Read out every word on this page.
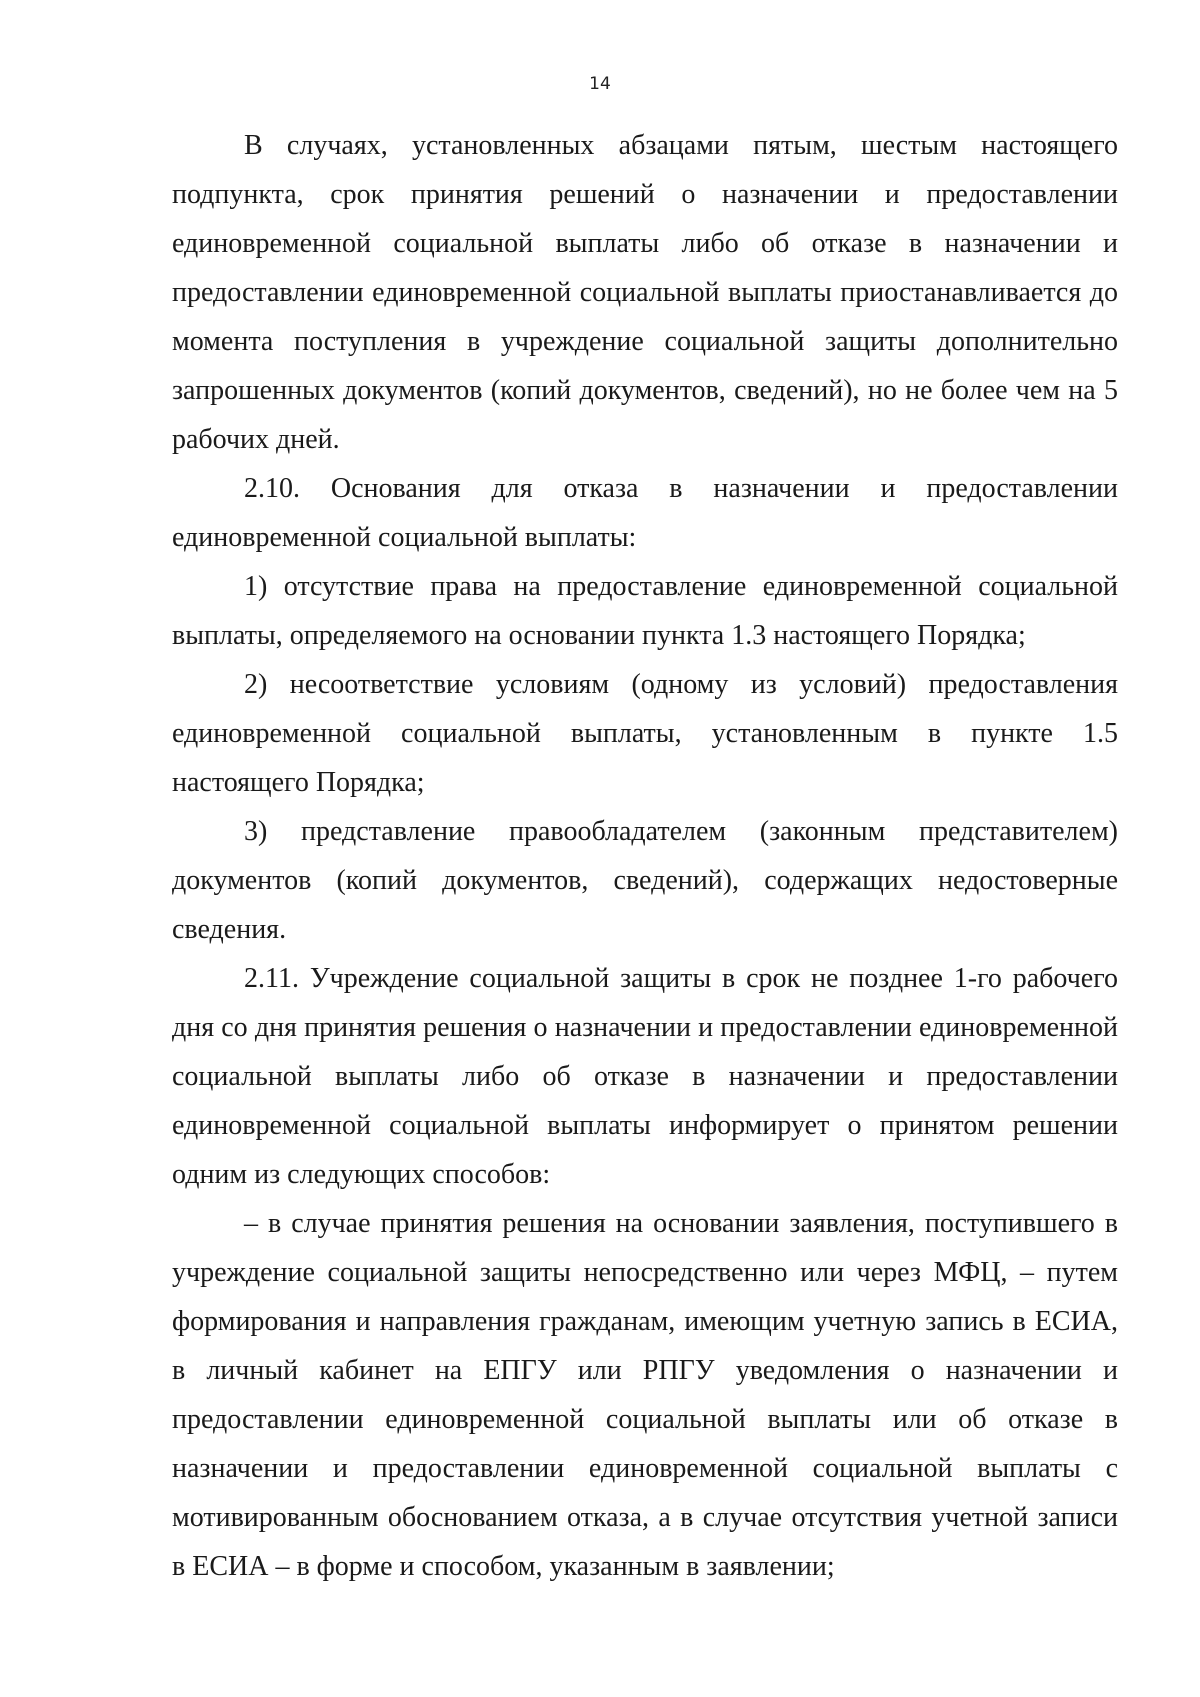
14

В случаях, установленных абзацами пятым, шестым настоящего подпункта, срок принятия решений о назначении и предоставлении единовременной социальной выплаты либо об отказе в назначении и предоставлении единовременной социальной выплаты приостанавливается до момента поступления в учреждение социальной защиты дополнительно запрошенных документов (копий документов, сведений), но не более чем на 5 рабочих дней.

2.10. Основания для отказа в назначении и предоставлении единовременной социальной выплаты:

1) отсутствие права на предоставление единовременной социальной выплаты, определяемого на основании пункта 1.3 настоящего Порядка;

2) несоответствие условиям (одному из условий) предоставления единовременной социальной выплаты, установленным в пункте 1.5 настоящего Порядка;

3) представление правообладателем (законным представителем) документов (копий документов, сведений), содержащих недостоверные сведения.

2.11. Учреждение социальной защиты в срок не позднее 1-го рабочего дня со дня принятия решения о назначении и предоставлении единовременной социальной выплаты либо об отказе в назначении и предоставлении единовременной социальной выплаты информирует о принятом решении одним из следующих способов:

– в случае принятия решения на основании заявления, поступившего в учреждение социальной защиты непосредственно или через МФЦ, – путем формирования и направления гражданам, имеющим учетную запись в ЕСИА, в личный кабинет на ЕПГУ или РПГУ уведомления о назначении и предоставлении единовременной социальной выплаты или об отказе в назначении и предоставлении единовременной социальной выплаты с мотивированным обоснованием отказа, а в случае отсутствия учетной записи в ЕСИА – в форме и способом, указанным в заявлении;
